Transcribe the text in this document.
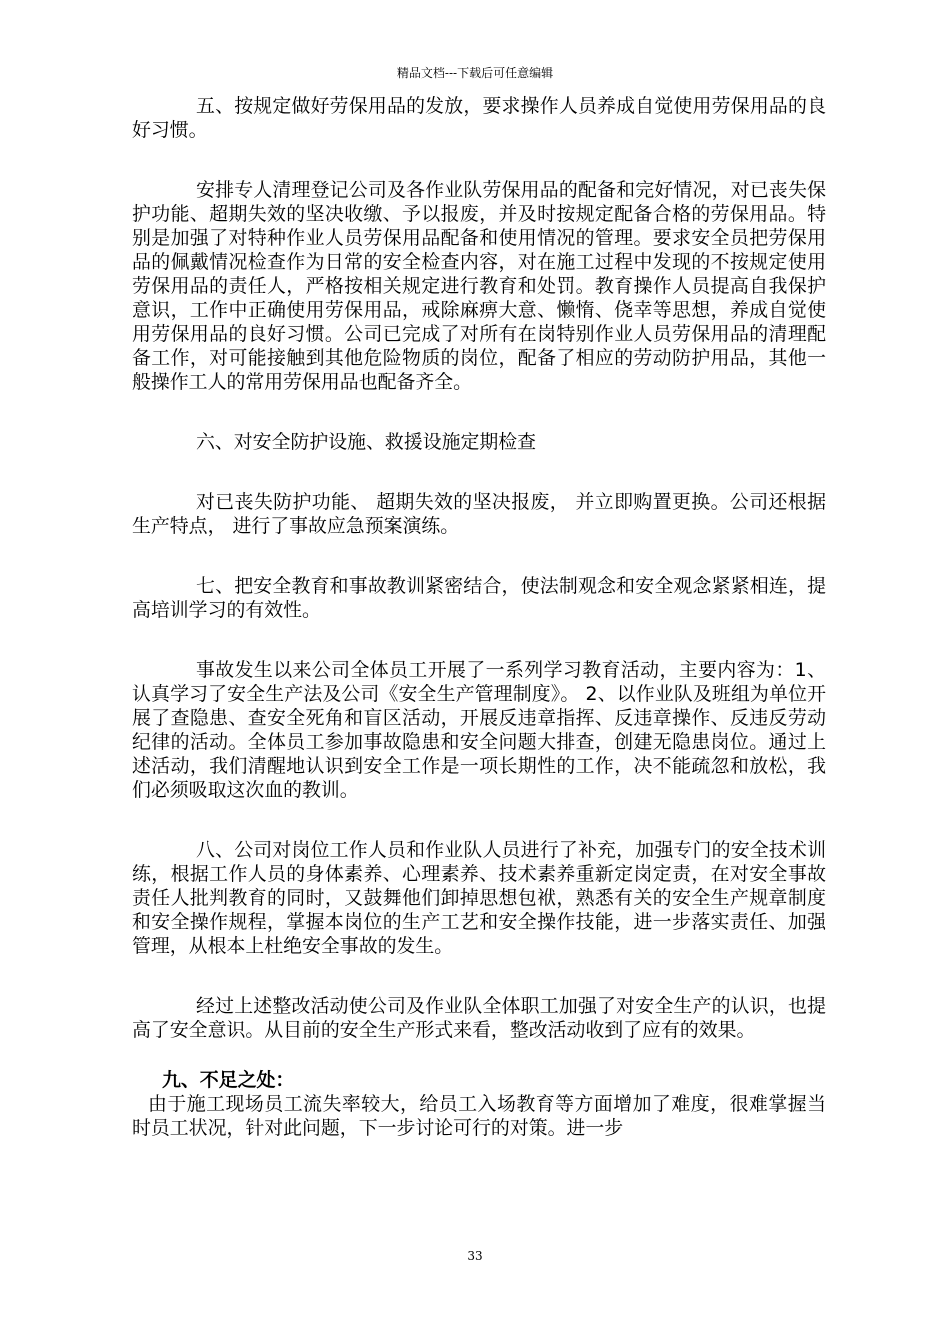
精品文档---下载后可任意编辑

五、按规定做好劳保用品的发放，要求操作人员养成自觉使用劳保用品的良好习惯。

安排专人清理登记公司及各作业队劳保用品的配备和完好情况，对已丧失保护功能、超期失效的坚决收缴、予以报废，并及时按规定配备合格的劳保用品。特别是加强了对特种作业人员劳保用品配备和使用情况的管理。要求安全员把劳保用品的佩戴情况检查作为日常的安全检查内容，对在施工过程中发现的不按规定使用劳保用品的责任人，严格按相关规定进行教育和处罚。教育操作人员提高自我保护意识，工作中正确使用劳保用品，戒除麻痹大意、懒惰、侥幸等思想，养成自觉使用劳保用品的良好习惯。公司已完成了对所有在岗特别作业人员劳保用品的清理配备工作，对可能接触到其他危险物质的岗位，配备了相应的劳动防护用品，其他一般操作工人的常用劳保用品也配备齐全。

六、对安全防护设施、救援设施定期检查

对已丧失防护功能、 超期失效的坚决报废， 并立即购置更换。公司还根据生产特点， 进行了事故应急预案演练。

七、把安全教育和事故教训紧密结合，使法制观念和安全观念紧紧相连，提高培训学习的有效性。

事故发生以来公司全体员工开展了一系列学习教育活动，主要内容为：1、认真学习了安全生产法及公司《安全生产管理制度》。 2、以作业队及班组为单位开展了查隐患、查安全死角和盲区活动，开展反违章指挥、反违章操作、反违反劳动纪律的活动。全体员工参加事故隐患和安全问题大排查，创建无隐患岗位。通过上述活动，我们清醒地认识到安全工作是一项长期性的工作，决不能疏忽和放松，我们必须吸取这次血的教训。

八、公司对岗位工作人员和作业队人员进行了补充，加强专门的安全技术训练，根据工作人员的身体素养、心理素养、技术素养重新定岗定责，在对安全事故责任人批判教育的同时，又鼓舞他们卸掉思想包袱，熟悉有关的安全生产规章制度和安全操作规程，掌握本岗位的生产工艺和安全操作技能，进一步落实责任、加强管理，从根本上杜绝安全事故的发生。

经过上述整改活动使公司及作业队全体职工加强了对安全生产的认识，也提高了安全意识。从目前的安全生产形式来看，整改活动收到了应有的效果。

九、不足之处：

由于施工现场员工流失率较大，给员工入场教育等方面增加了难度，很难掌握当时员工状况，针对此问题，下一步讨论可行的对策。进一步

33
